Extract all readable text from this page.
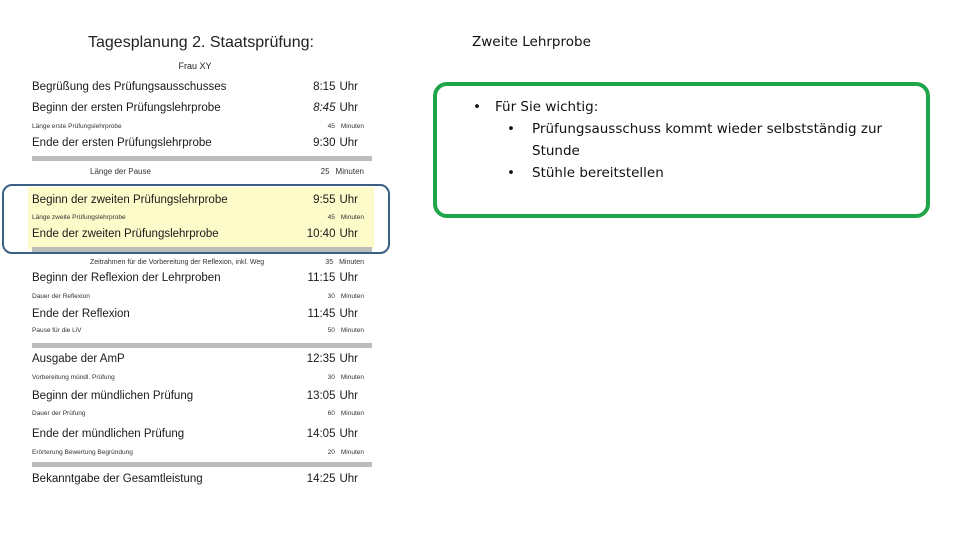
Tagesplanung 2. Staatsprüfung:
Frau XY
Begrüßung des Prüfungsausschusses	8:15 Uhr
Beginn der ersten Prüfungslehrprobe	8:45 Uhr
Länge erste Prüfungslehrprobe	45 Minuten
Ende der ersten Prüfungslehrprobe	9:30 Uhr
Länge der Pause	25 Minuten
Beginn der zweiten Prüfungslehrprobe	9:55 Uhr
Länge zweite Prüfungslehrprobe	45 Minuten
Ende der zweiten Prüfungslehrprobe	10:40 Uhr
Zeitrahmen für die Vorbereitung der Reflexion, inkl. Weg	35 Minuten
Beginn der Reflexion der Lehrproben	11:15 Uhr
Dauer der Reflexion	30 Minuten
Ende der Reflexion	11:45 Uhr
Pause für die LiV	50 Minuten
Ausgabe der AmP	12:35 Uhr
Vorbereitung mündl. Prüfung	30 Minuten
Beginn der mündlichen Prüfung	13:05 Uhr
Dauer der Prüfung	60 Minuten
Ende der mündlichen Prüfung	14:05 Uhr
Erörterung Bewertung Begründung	20 Minuten
Bekanntgabe der Gesamtleistung	14:25 Uhr
Zweite Lehrprobe
• Für Sie wichtig:
•	Prüfungsausschuss kommt wieder selbstständig zur Stunde
•	Stühle bereitstellen
